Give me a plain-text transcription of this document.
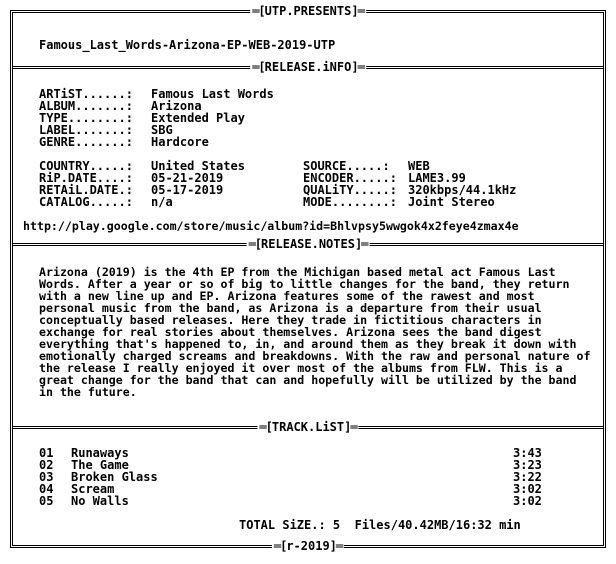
═[ UTP.PRESENTS ]═
Famous_Last_Words-Arizona-EP-WEB-2019-UTP
═[ RELEASE.iNFO ]═
ARTiST......: Famous Last Words
ALBUM.......: Arizona
TYPE........: Extended Play
LABEL.......: SBG
GENRE.......: Hardcore
COUNTRY.....: United States	SOURCE.....: WEB
RiP.DATE....: 05-21-2019	ENCODER.....: LAME3.99
RETAiL.DATE.: 05-17-2019	QUALiTY.....: 320kbps/44.1kHz
CATALOG.....: n/a	MODE........: Joint Stereo
http://play.google.com/store/music/album?id=Bhlvpsy5wwgok4x2feye4zmax4e
═[ RELEASE.NOTES ]═
Arizona (2019) is the 4th EP from the Michigan based metal act Famous Last Words. After a year or so of big to little changes for the band, they return with a new line up and EP. Arizona features some of the rawest and most personal music from the band, as Arizona is a departure from their usual conceptually based releases. Here they trade in fictitious characters in exchange for real stories about themselves. Arizona sees the band digest everything that's happened to, in, and around them as they break it down with emotionally charged screams and breakdowns. With the raw and personal nature of the release I really enjoyed it over most of the albums from FLW. This is a great change for the band that can and hopefully will be utilized by the band in the future.
═[ TRACK.LiST ]═
01 Runaways	3:43
02 The Game	3:23
03 Broken Glass	3:22
04 Scream	3:02
05 No Walls	3:02
TOTAL SiZE.: 5  Files/40.42MB/16:32 min
═[ r-2019 ]═
